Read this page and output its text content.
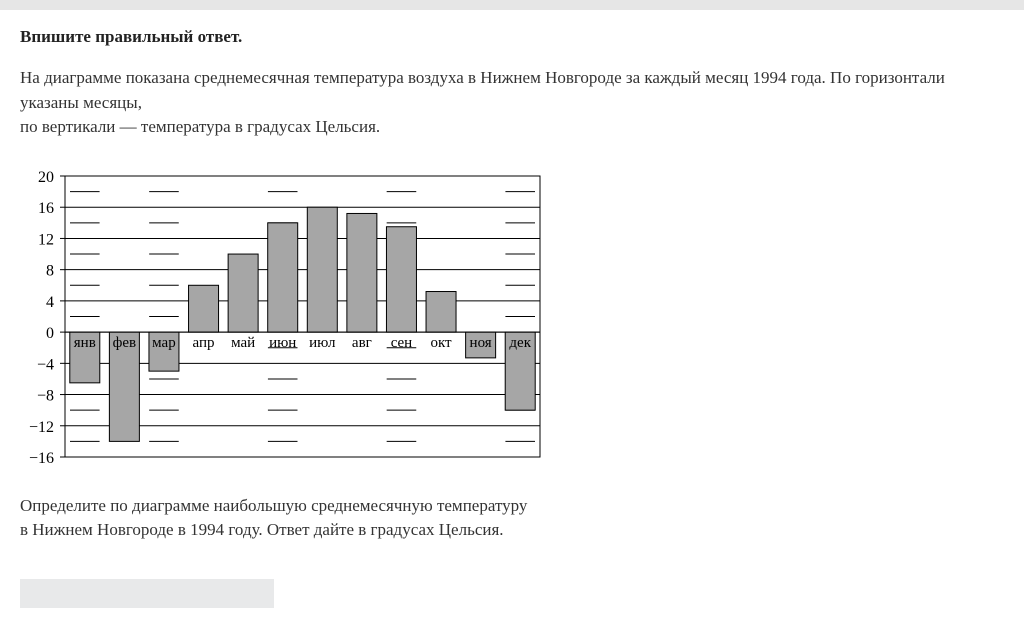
Впишите правильный ответ.

На диаграмме показана среднемесячная температура воздуха в Нижнем Новгороде за каждый месяц 1994 года. По горизонтали
указаны месяцы,
по вертикали — температура в градусах Цельсия.

20
16
12
8
4
0
−4
−8
−12
−16
янв фев мар апр май июн июл авг сен окт ноя дек

Определите по диаграмме наибольшую среднемесячную температуру
в Нижнем Новгороде в 1994 году. Ответ дайте в градусах Цельсия.
